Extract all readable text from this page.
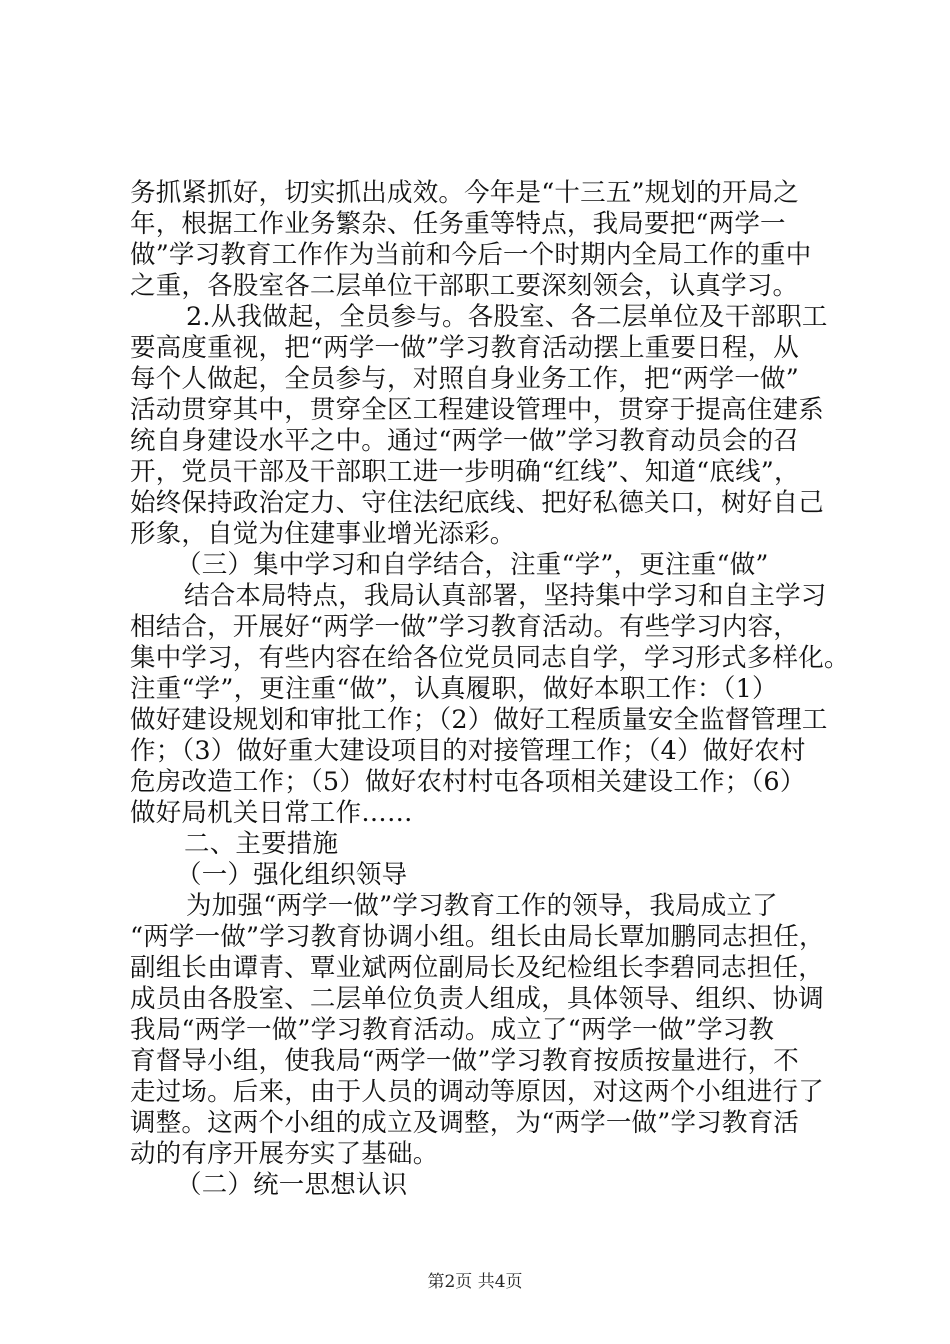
务抓紧抓好，切实抓出成效。今年是“十三五”规划的开局之
年，根据工作业务繁杂、任务重等特点，我局要把“两学一
做”学习教育工作作为当前和今后一个时期内全局工作的重中
之重，各股室各二层单位干部职工要深刻领会，认真学习。
2.从我做起，全员参与。各股室、各二层单位及干部职工
要高度重视，把“两学一做”学习教育活动摆上重要日程，从
每个人做起，全员参与，对照自身业务工作，把“两学一做”
活动贯穿其中，贯穿全区工程建设管理中，贯穿于提高住建系
统自身建设水平之中。通过“两学一做”学习教育动员会的召
开，党员干部及干部职工进一步明确“红线”、知道“底线”，
始终保持政治定力、守住法纪底线、把好私德关口，树好自己
形象，自觉为住建事业增光添彩。
（三）集中学习和自学结合，注重“学”，更注重“做”
结合本局特点，我局认真部署，坚持集中学习和自主学习
相结合，开展好“两学一做”学习教育活动。有些学习内容，
集中学习，有些内容在给各位党员同志自学，学习形式多样化。
注重“学”，更注重“做”，认真履职，做好本职工作：（1）
做好建设规划和审批工作；（2）做好工程质量安全监督管理工
作；（3）做好重大建设项目的对接管理工作；（4）做好农村
危房改造工作；（5）做好农村村屯各项相关建设工作；（6）
做好局机关日常工作……
二、主要措施
（一）强化组织领导
为加强“两学一做”学习教育工作的领导，我局成立了
“两学一做”学习教育协调小组。组长由局长覃加鹏同志担任，
副组长由谭青、覃业斌两位副局长及纪检组长李碧同志担任，
成员由各股室、二层单位负责人组成，具体领导、组织、协调
我局“两学一做”学习教育活动。成立了“两学一做”学习教
育督导小组，使我局“两学一做”学习教育按质按量进行，不
走过场。后来，由于人员的调动等原因，对这两个小组进行了
调整。这两个小组的成立及调整，为“两学一做”学习教育活
动的有序开展夯实了基础。
（二）统一思想认识
第2页 共4页
